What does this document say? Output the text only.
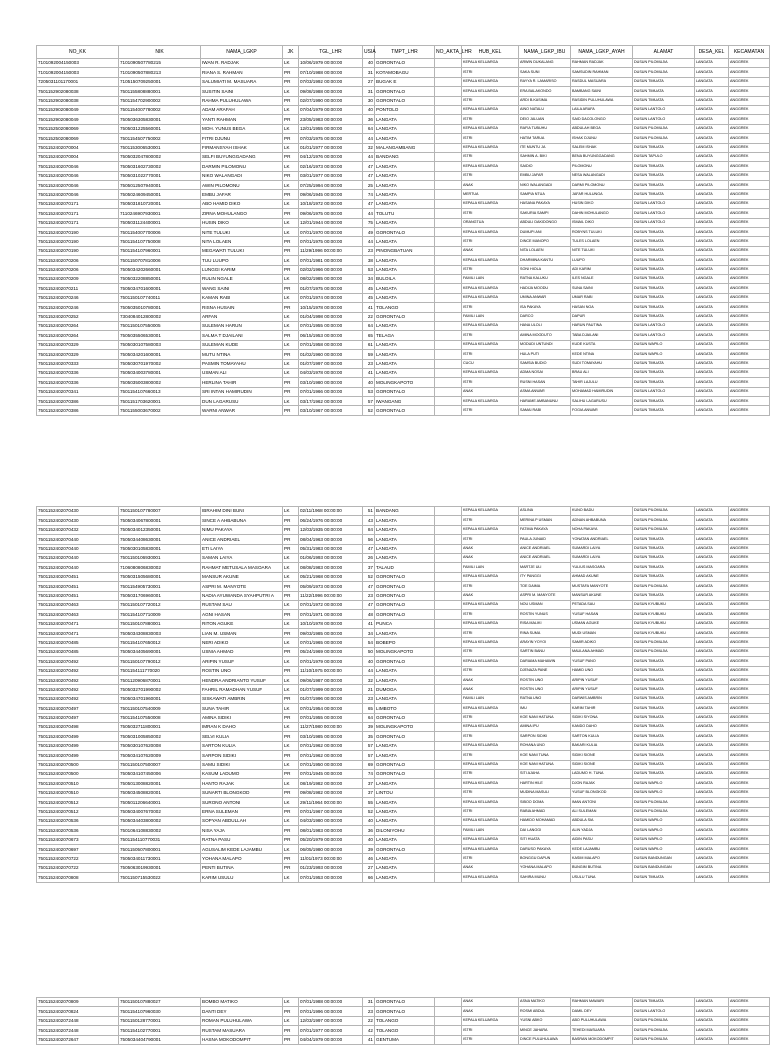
NO_KK	NIK	NAMA_LGKP	JK	TGL_LHR	USIA	TMPT_LHR	NO_AKTA_LHR	HUB_KEL	NAMA_LGKP_IBU	NAMA_LGKP_AYAH	ALAMAT	DESA_KEL	KECAMATAN
7101092004150003	7101090507780215	IWAN R. RADJAK	LK	10/06/1979 00:00:00	40	GORONTALO		KEPALA KELUARGA	ARWIN DUKALANG	RAHMAN RADJAK	DUSUN PILOMUJIA	LANGATA	ANGGREK
7101092004150003	7101090507880213	RIANA S. RAHMAN	PR	07/10/1988 00:00:00	31	KOTAMOBAGU		ISTRI	SAKA SUNI	SAMSUDIN RAHMAN	DUSUN PILOMUJIA	LANGATA	ANGGREK
7205031101170001	7105150709250001	SALUMIATI M. MASUARA	PR	07/03/1992 00:00:00	27	BUGAK E		KEPALA KELUARGA	RAYYA R. LAMARISO	RASDUL MASUARA	DUSUN TIMUATA	LANGATA	ANGGREK
7501152902080038	7501155808880001	SUSITIN SAINI	LK	09/08/1988 00:00:00	31	GORONTALO		KEPALA KELUARGA	ERA BALAKONDO	BAMBANG SAINI	DUSUN TIMUATA	LANGATA	ANGGREK
7501152902080038	7501154702900002	RAHMA PULUHULAWA	PR	02/07/1990 00:00:00	30	GORONTALO		ISTRI	ARDI B.KASIMA	RASIDIN PULUHULAWA	DUSUN TIMUATA	LANGATA	ANGGREK
7501152902080049	7501154007780002	ADAM ARAFAH	LK	07/04/1979 00:00:00	40	PONTOLO		KEPALA KELUARGA	AINO NATALU	LAILA ARAFA	DUSUN LANTOLO	LANGATA	ANGGREK
7501152902080049	7505036305830001	YANTI RAHMAN	PR	23/05/1983 00:00:00	36	LANGATA		ISTRI	DEIO JALUAN	SAID DACOLONGO	DUSUN LANTOLO	LANGATA	ANGGREK
7501152502080069	7505031225560001	MOH. YUNUS BEGA	LK	12/01/1955 00:00:00	64	LANGATA		KEPALA KELUARGA	RAFIA TUBUHU	ABDULAH BEGA	DUSUN PILOMUJIA	LANGATA	ANGGREK
7501152502080069	7501154507750002	FITRI DJUNU	PR	07/03/1975 00:00:00	44	LANGATA		ISTRI	HATIM TARUA	ISHAK DJUNU	DUSUN PILOMUJIA	LANGATA	ANGGREK
7501152402070004	7501153006530001	FIRMANSYAH ISHAK	LK	01/01/1977 00:00:00	32	MALANGAMBANG		KEPALA KELUARGA	ITE MUNTU JA	SALEM ISHAK	DUSUN TIMUATA	LANGATA	ANGGREK
7501152402070004	7505032047800002	SELFI BUYUNGGADANG	PR	04/12/1976 00:00:00	44	BANDANG		ISTRI	SAHMIN A. BIKI	BENA BUYUNGGADANG	DUSUN TAPULO	LANGATA	ANGGREK
7501152402070046	7505031602730002	DARMIN PILOMONU	LK	02/16/1973 00:00:00	47	LANGATA		KEPALA KELUARGA	SAIDIO	PILOMONU	DUSUN TIMUATA	LANGATA	ANGGREK
7501152402070046	7505031022770001	NIKO WALANGADI	PR	03/01/1977 00:00:00	47	LANGATA		ISTRI	EMBU JAFAR	NESA WALANGADI	DUSUN TIMUATA	LANGATA	ANGGREK
7501152402070046	7505012507940001	AWIN PILOMONU	LK	07/25/1994 00:00:00	25	LANGATA		ANAK	NIKO WALANGADI	DARMI PILOMONU	DUSUN TIMUATA	LANGATA	ANGGREK
7501152402070046	7505024609450001	EMBU JAFAR	PR	09/06/1945 00:00:00	74	LANGATA		MERTUA	SAMPIA NTUA	JAFAR HULUNGA	DUSUN TIMUATA	LANGATA	ANGGREK
7501152402070171	7505031810720001	ABO HAMID DIKO	LK	10/18/1972 00:00:00	47	LANGATA		KEPALA KELUARGA	HASANA PAKAYA	HUSIN DIKO	DUSUN LANTOLO	LANGATA	ANGGREK
7501152402070171	7110246907930001	ZIRNA MOHULANGO	PR	09/06/1975 00:00:00	44	TOLUTU		ISTRI	SAKURIA SAMPI	DAHIN MOHULANGO	DUSUN LANTOLO	LANGATA	ANGGREK
7501152402070171	7505031124400001	HUSIN DIKO	LK	12/01/1944 00:00:00	75	LANGATA		ORANGTUA	ABDULI DAKIDONGO	ISMAIL DIKO	DUSUN LANTOLO	LANGATA	ANGGREK
7501152402070190	7501154007700006	NITE TULUKI	LK	07/01/1970 00:00:00	49	GORONTALO		KEPALA KELUARGA	DUMUPI ANI	ROBYNS TULUKI	DUSUN TIMUATA	LANGATA	ANGGREK
7501152402070190	7501154107750008	NITA LOLAEN	PR	07/01/1975 00:00:00	44	LANGATA		ISTRI	DINCE MANOPO	TULES LOLAEN	DUSUN TIMUATA	LANGATA	ANGGREK
7501152402070190	7501154107960001	MEGAWATI TULUKI	PR	11/29/1996 00:00:00	23	PINONGBATUAN		ANAK	NITA LOLAEN	NITE TULUKI	DUSUN TIMUATA	LANGATA	ANGGREK
7501152402070206	7501150707810006	TUU LUUPO	LK	07/01/1981 00:00:00	38	LANGATA		KEPALA KELUARGA	DHARMINA KANTU	LUUPO	DUSUN TIMUATA	LANGATA	ANGGREK
7501152402070206	7505034202660001	LUNGGI KARIM	PR	02/02/1966 00:00:00	53	LANGATA		ISTRI	SONI HIOLA	ADI KARIM	DUSUN TIMUATA	LANGATA	ANGGREK
7501152402070209	7505032208850001	RULIN NGALE	LK	08/02/1985 00:00:00	34	BULOILA		FAMILI LAIN	RATNA KALUKU	ILES NGALE	DUSUN TIMUATA	LANGATA	ANGGREK
7501152402070211	7505034701600001	WANG SAINI	PR	01/07/1975 00:00:00	45	LANGATA		KEPALA KELUARGA	HADIJA MOODU	SUNA SAINI	DUSUN TIMUATA	LANGATA	ANGGREK
7501152402070246	7501150107740011	KAMAN RABI	LK	07/01/1974 00:00:00	45	LANGATA		KEPALA KELUARGA	UMINA ANWAR	UMAR RABI	DUSUN TIMUATA	LANGATA	ANGGREK
7501152402070246	7505035010780001	RISNA HUSAIN	PR	10/15/1978 00:00:00	41	TOLANGO		ISTRI	ISA PAKAYA	HASAN NOA	DUSUN TIMUATA	LANGATA	ANGGREK
7501152402070252	7304084012800002	ARFAN	LK	01/04/1998 00:00:00	22	GORONTALO		FAMILI LAIN	DARCO	DAPUR	DUSUN TIMUATA	LANGATA	ANGGREK
7501152402070264	7501150107550005	SULEMAN HARUN	LK	07/01/1955 00:00:00	64	LANGATA		KEPALA KELUARGA	HANA ULOLI	HARUN PAUTINA	DUSUN LANTOLO	LANGATA	ANGGREK
7501152402070264	7505035506530001	SALMA T DJAILANI	PR	06/15/1953 00:00:00	65	TELAGA		ISTRI	AMINA MOODUTO	TABA DJAILANI	DUSUN LANTOLO	LANGATA	ANGGREK
7501152402070329	7505030107580003	SULEMAN KUDE	LK	07/01/1958 00:00:00	61	LANGATA		KEPALA KELUARGA	MODUDI UNTUNDI	KUDE KUSTA	DUSUN WAPILO	LANGATA	ANGGREK
7501152402070329	7505034201600001	MUTU NTINA	PR	01/02/1960 00:00:00	59	LANGATA		ISTRI	HULA PUTI	KEDE NTINA	DUSUN WAPILO	LANGATA	ANGGREK
7501152402070333	7505030701970002	PASMIN TOMAYAHU	LK	01/07/1997 00:00:00	23	LANGATA		CUCU	SAMSIA BUDIO	SUDI TOMAYAHU	DUSUN TIMUATA	LANGATA	ANGGREK
7501152402070336	7505034003780001	USMAN ALI	LK	04/03/1978 00:00:00	41	LANGATA		KEPALA KELUARGA	ADMA NOSAI	BRAU ALI	DUSUN TIMUATA	LANGATA	ANGGREK
7501152402070336	7505035003800002	HERLINA TAHIR	PR	03/10/1980 00:00:00	40	MOLINGKAPOTO		ISTRI	RUSNI HASAN	TAHIR LAJULU	DUSUN TIMUATA	LANGATA	ANGGREK
7501152402070341	7501154107660013	SRI INTAN HAMIRUDIN	PR	07/01/1966 00:00:00	53	GORONTALO		ANAK	ASMA ANWAR	MOHAMAD HAMIRUDIN	DUSUN LANTOLO	LANGATA	ANGGREK
7501152402070386	7501151703620001	DUN LAGARUSU	LK	03/17/1962 00:00:00	57	IWANGANG		KEPALA KELUARGA	HARAME AMBANUNU	SALIHU LAGARUSU	DUSUN TIMUATA	LANGATA	ANGGREK
7501152402070386	7501155003670002	WARNI ANWAR	PR	03/10/1967 00:00:00	52	GORONTALO		ISTRI	SAMAI RABI	FOGIA ANWAR	DUSUN TIMUATA	LANGATA	ANGGREK
7501152402070430	7501150107780007	IBRAHIM DINI BUNI	LK	02/11/1968 00:00:00	51	BANDANG		KEPALA KELUARGA	ASLINA	KUNO BADU	DUSUN PILOMUJIA	LANGATA	ANGGREK
7501152402070430	7505034067800001	SINCE A AHBABUNA	PR	06/24/1976 00:00:00	43	LANGATA		ISTRI	MERINA P USMAN	ADNAN AHBABUNA	DUSUN PILOMUJIA	LANGATA	ANGGREK
7501152402070432	7505034012350001	NIMU PAKAYA	PR	12/03/1935 00:00:00	84	LANGATA		KEPALA KELUARGA	FATIMA PAKAYA	NOHA PAKAYA	DUSUN PILOMUJIA	LANGATA	ANGGREK
7501152402070440	7505034408630001	ANICE ANDRIAEL	PR	08/04/1963 00:00:00	56	LANGATA		ISTRI	PAULA JUNAID	YONATAN ANDRIAEL	DUSUN TIMUATA	LANGATA	ANGGREK
7501152402070440	7505030105830001	ETI LAIYA	PR	05/31/1983 00:00:00	47	LANGATA		ANAK	ANICE ANDRIAEL	SUMARDI LAIYA	DUSUN TIMUATA	LANGATA	ANGGREK
7501152402070440	7501150106930001	SAMAN LAIYA	LK	01/06/1993 00:00:00	26	LANGATA		ANAK	ANICE ANDRIAEL	SUMARDI LAIYA	DUSUN TIMUATA	LANGATA	ANGGREK
7501152402070440	7106080806830002	RAHMAT METUSALA MASOARA	LK	08/08/1983 00:00:00	37	TALAUD		FAMILI LAIN	MARTJE ULI	YULIUS MASOARA	DUSUN TIMUATA	LANGATA	ANGGREK
7501152402070451	7505031505680001	MANSUR AKUNE	LK	05/21/1968 00:00:00	52	GORONTALO		KEPALA KELUARGA	ITY PANGGI	AHMAD AKUNE	DUSUN TIMUATA	LANGATA	ANGGREK
7501152402070451	7501154905730001	ASPRI M. MANYOTE	PR	05/09/1973 00:00:00	47	GORONTALO		ISTRI	TOE DAIMA	MUSTAFA MANYOTE	DUSUN PILOMUJIA	LANGATA	ANGGREK
7501152402070451	7505031706960001	NADIA AYUWANDA SYAHPUTRI A	PR	11/22/1996 00:00:00	23	GORONTALO		ANAK	ASPRI M. MANYOTE	MANSUR AKUNE	DUSUN TIMUATA	LANGATA	ANGGREK
7501152402070463	7501150107720012	RUSTAM SAU	LK	07/01/1972 00:00:00	47	GORONTALO		KEPALA KELUARGA	NOU USMAN	PETADA SAU	DUSUN KYUBUKU	LANGATA	ANGGREK
7501152402070463	7501154107710009	AGNI HASAN	PR	07/01/1971 00:00:00	48	GORONTALO		ISTRI	ROSTIN YUNUS	YUSUF HASAN	DUSUN KYUBUKU	LANGATA	ANGGREK
7501152402070471	7501150107880001	RITON AGUKE	LK	10/10/1978 00:00:00	41	PUNCA		KEPALA KELUARGA	RISA MALIKI	USMAN AGUKE	DUSUN KYUBUKU	LANGATA	ANGGREK
7501152402070471	7505034308830003	LIAN M. USMAN	PR	09/03/1985 00:00:00	34	LANGATA		ISTRI	RINA SUMA	MUDI USMAN	DUSUN KYUBUKU	LANGATA	ANGGREK
7501152402070485	7501154107650012	NERI ADIKO	LK	07/01/1965 00:00:00	54	BOBEPO		KEPALA KELUARGA	ARAYIN YOYOI	SAMIR ADIKO	DUSUN PILOMUJIA	LANGATA	ANGGREK
7501152402070485	7505034405690001	USNIA AHMAD	PR	05/24/1969 00:00:00	50	MOLINGKAPOTO		ISTRI	SARTIN BANU	MAULANA AHMAD	DUSUN PILOMUJIA	LANGATA	ANGGREK
7501152402070492	7501150107790012	ARIPIN YUSUF	LK	07/01/1979 00:00:00	40	GORONTALO		KEPALA KELUARGA	DARIAMA MAHAWIN	YUSUF PANO	DUSUN TIMUATA	LANGATA	ANGGREK
7501152402070492	7501154111770020	ROSTIN UNO	PR	11/10/1975 00:00:00	44	LANGATA		ISTRI	DJENAZA PANE	HAMID UNO	DUSUN TIMUATA	LANGATA	ANGGREK
7501152402070492	7501120906870001	HENDRA ANDRIANTO YUSUF	LK	09/06/1987 00:00:00	32	LANGATA		ANAK	ROSTIN UNO	ARIPIN YUSUF	DUSUN TIMUATA	LANGATA	ANGGREK
7501152402070492	7505032701990002	FAHRIL RAMADHAN YUSUF	LK	01/07/1999 00:00:00	21	DUMOGA		ANAK	ROSTIN UNO	ARIPIN YUSUF	DUSUN TIMUATA	LANGATA	ANGGREK
7501152402070492	7505034701960001	SISKAWATI AMBRIN	PR	01/07/1996 00:00:00	23	LANGATA		FAMILI LAIN	RATNA UNO	DARWIS AMBRIN	DUSUN TIMUATA	LANGATA	ANGGREK
7501152402070497	7501150107540009	SUNA TAHIR	LK	07/01/1954 00:00:00	65	LIMBOTO		KEPALA KELUARGA	IMU	KARIM TAHIR	DUSUN TIMUATA	LANGATA	ANGGREK
7501152402070497	7501154107550008	AMINA SIDIKI	PR	07/01/1955 00:00:00	64	GORONTALO		ISTRI	KOE NANI HATUNA	SIDIKI SIYONA	DUSUN TIMUATA	LANGATA	ANGGREK
7501152402070498	7505032711800001	IMRAN K DAHO	LK	11/27/1980 00:00:00	39	MOLINGKAPOTO		KEPALA KELUARGA	AMINA IPU	KANDO DAHO	DUSUN TIMUATA	LANGATA	ANGGREK
7501152402070499	7505031005850002	SELVI KULIA	PR	03/10/1985 00:00:00	35	GORONTALO		ISTRI	SARPON SIDIKI	SARTON KULIA	DUSUN TIMUATA	LANGATA	ANGGREK
7501152402070499	7505030107620008	SARTON KULIA	LK	07/01/1962 00:00:00	57	LANGATA		KEPALA KELUARGA	ROHANA UNO	BAKARI KULIA	DUSUN TIMUATA	LANGATA	ANGGREK
7501152402070499	7505034107620009	SARPON SIDIKI	PR	07/01/1962 00:00:00	57	LANGATA		ISTRI	KOE NANI TUNA	SIDIKI SIONE	DUSUN TIMUATA	LANGATA	ANGGREK
7501152402070500	7501150107500007	SAMU SIDIKI	LK	07/01/1950 00:00:00	69	GORONTALO		KEPALA KELUARGA	KOE NANI HATUNA	SIDIKI SIONE	DUSUN TIMUATA	LANGATA	ANGGREK
7501152402070500	7505034107450006	KASUM LADUMO	PR	07/01/1945 00:00:00	74	GORONTALO		ISTRI	SITI AJAHA	LADUMO H. TUNA	DUSUN TIMUATA	LANGATA	ANGGREK
7501152402070510	7505013008820001	HANTO RAJAK	LK	08/19/1982 00:00:00	37	LANGATA		KEPALA KELUARGA	HARTIN HILE	DJON RAJAK	DUSUN WAPILO	LANGATA	ANGGREK
7501152402070510	7505034508820001	SUNARTI BLONGKOD	PR	09/08/1982 00:00:00	37	LINTOU		ISTRI	MUDINA MASULI	YUSUF BLONGKOD	DUSUN WAPILO	LANGATA	ANGGREK
7501152402070512	7505011206640001	SURONO ANTONI	LK	29/11/1964 00:00:00	55	LANGATA		KEPALA KELUARGA	SIBOO DOMA	IMAN ANTONI	DUSUN PILOMUJIA	LANGATA	ANGGREK
7501152402070512	7505034007670002	ERNA SULEMAN	PR	07/01/1967 00:00:00	52	LANGATA		ISTRI	RABIA AHMAD	ALI SULEMAN	DUSUN PILOMUJIA	LANGATA	ANGGREK
7501152402070536	7505034403800002	SOPYAN ABDULLAH	LK	04/03/1980 00:00:00	40	LANGATA		KEPALA KELUARGA	HAMIDO MOHAMAD	ABDULA SIA	DUSUN WAPILO	LANGATA	ANGGREK
7501152402070536	7501064108830002	NISA YAJA	PR	08/01/1983 00:00:00	36	DILONIYOHU		FAMILI LAIN	DAI LANGGI	ALIN YADJA	DUSUN WAPILO	LANGATA	ANGGREK
7501152402070673	7501154110770031	RATNA PASU	PR	05/20/1979 00:00:00	40	LANGATA		KEPALA KELUARGA	SITI HUATA	AIDIN PASU	DUSUN WAPILO	LANGATA	ANGGREK
7501152402070697	7501150507800001	AGUSALIM KEDE LAJAMBU	LK	06/05/1980 00:00:00	39	GORONTALO		KEPALA KELUARGA	DARUSO PAKAYA	KEDE LAJAMBU	DUSUN WAPILO	LANGATA	ANGGREK
7501152402070722	7505034011730001	YOHANA MALAPO	PR	11/01/1973 00:00:00	46	LANGATA		ISTRI	BONGGU DAPUN	KASIM MALAPO	DUSUN BANDUNGAN	LANGATA	ANGGREK
7501152402070722	7505063019930001	PENTI BUTINA	PR	01/23/1993 00:00:00	27	LANGATA		ANAK	YOHANA MALAPO	BUNGIM BUTINA	DUSUN BANDUNGAN	LANGATA	ANGGREK
7501152402070808	7501150715530022	KARIM USULU	LK	07/01/1953 00:00:00	66	LANGATA		KEPALA KELUARGA	SAHIRA MUNU	USULU TUNA	DUSUN TIMUATA	LANGATA	ANGGREK
7501152402070809	7501150107880027	BOMBO MATIKO	LK	07/01/1988 00:00:00	31	GORONTALO		ANAK	ASNA MATIKO	RAHMAN MAWARI	DUSUN TIMUATA	LANGATA	ANGGREK
7501152402070824	7501154107960030	DANTI DEY	PR	07/01/1996 00:00:00	23	GORONTALO		ANAK	ROSMI ABDUL	DAMIL DEY	DUSUN LANTOLO	LANGATA	ANGGREK
7501152402072448	7501150128770001	ROMAN PULUHULAWA	LK	12/03/1997 00:00:00	22	TOLANGO		KEPALA KELUARGA	YUSNI ABKO	ABO PULUHULAWA	DUSUN PILOMUJIA	LANGATA	ANGGREK
7501152402072448	7501154102770001	RUSTAM MASUARA	PR	07/01/1977 00:00:00	42	TOLANGO		ISTRI	MINCE JAHARA	TEHEDI MASUARA	DUSUN PILOMUJIA	LANGATA	ANGGREK
7501152402072647	7505034404790001	HASNA MOKODOMPIT	PR	04/04/1979 00:00:00	41	GENTUMA		ISTRI	DINCE PULUHULAWA	BASRAN MOKODOMPIT	DUSUN PILOMUJIA	LANGATA	ANGGREK
